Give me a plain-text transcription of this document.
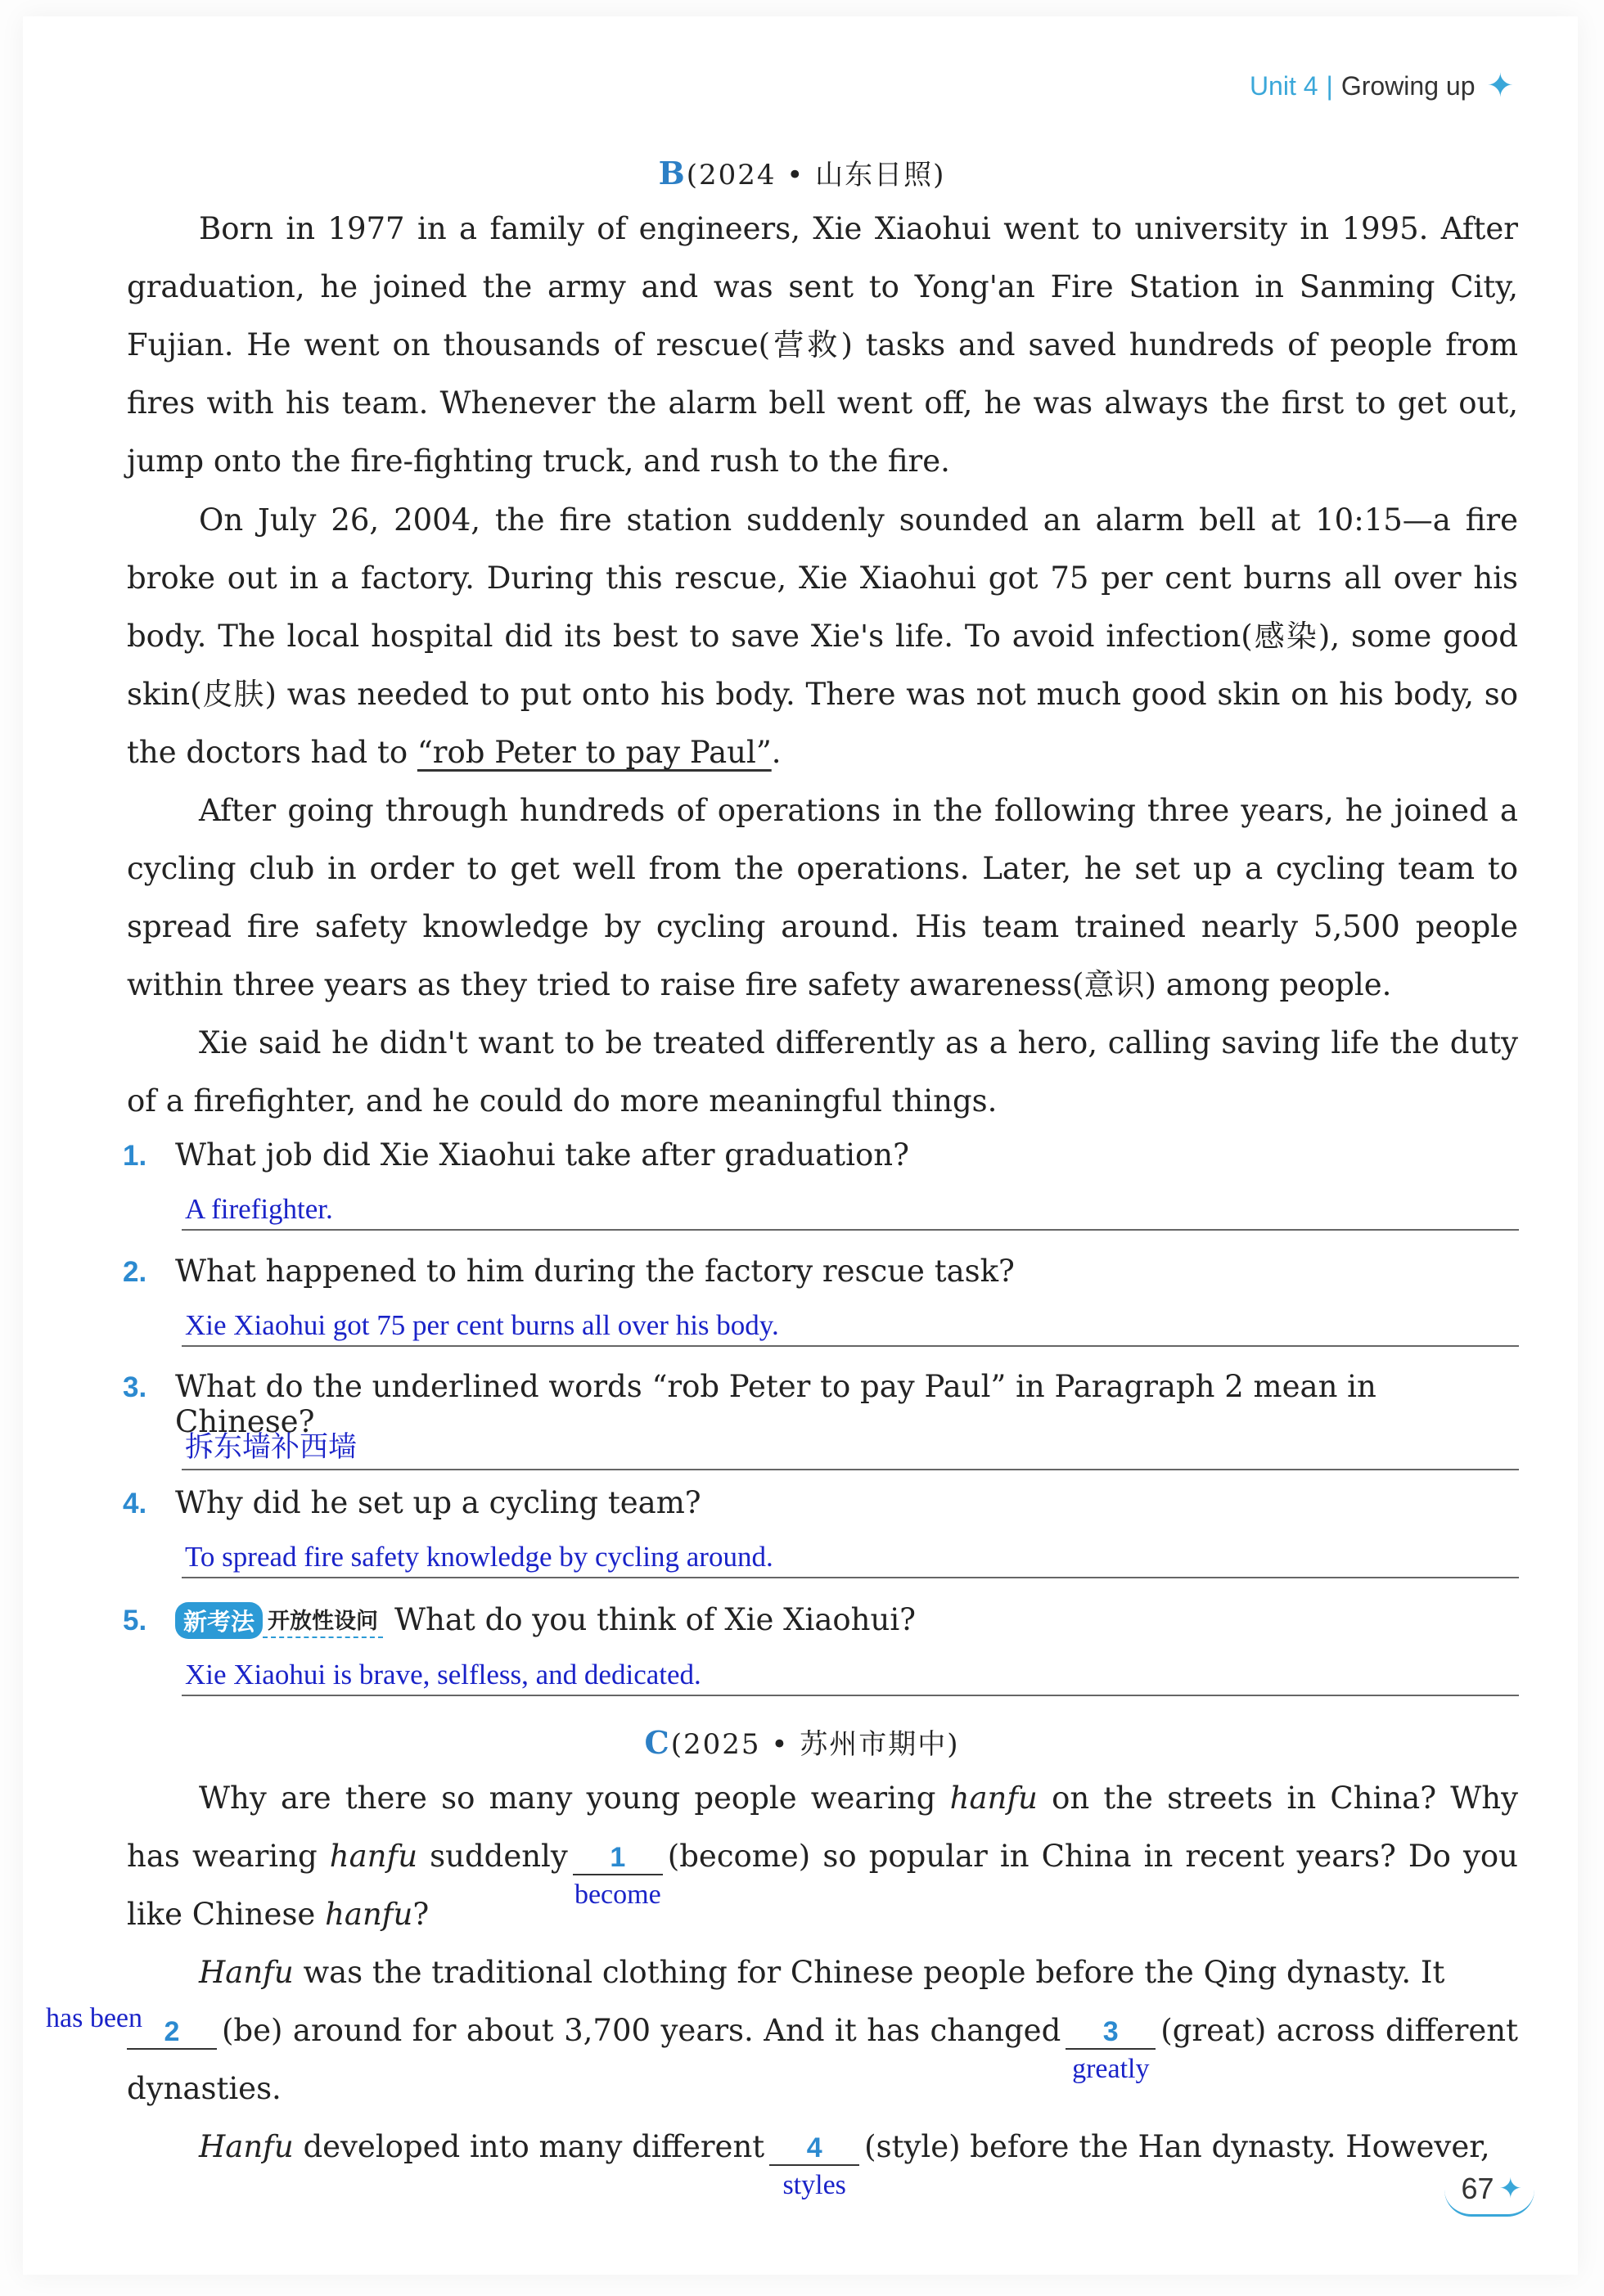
Unit 4 | Growing up ✦
B(2024 • 山东日照)
Born in 1977 in a family of engineers, Xie Xiaohui went to university in 1995. After graduation, he joined the army and was sent to Yong'an Fire Station in Sanming City, Fujian. He went on thousands of rescue(营救) tasks and saved hundreds of people from fires with his team. Whenever the alarm bell went off, he was always the first to get out, jump onto the fire-fighting truck, and rush to the fire.
On July 26, 2004, the fire station suddenly sounded an alarm bell at 10:15—a fire broke out in a factory. During this rescue, Xie Xiaohui got 75 per cent burns all over his body. The local hospital did its best to save Xie's life. To avoid infection(感染), some good skin(皮肤) was needed to put onto his body. There was not much good skin on his body, so the doctors had to “rob Peter to pay Paul”.
After going through hundreds of operations in the following three years, he joined a cycling club in order to get well from the operations. Later, he set up a cycling team to spread fire safety knowledge by cycling around. His team trained nearly 5,500 people within three years as they tried to raise fire safety awareness(意识) among people.
Xie said he didn't want to be treated differently as a hero, calling saving life the duty of a firefighter, and he could do more meaningful things.
1. What job did Xie Xiaohui take after graduation?
A firefighter.
2. What happened to him during the factory rescue task?
Xie Xiaohui got 75 per cent burns all over his body.
3. What do the underlined words “rob Peter to pay Paul” in Paragraph 2 mean in Chinese?
拆东墙补西墙
4. Why did he set up a cycling team?
To spread fire safety knowledge by cycling around.
5.	新考法 开放性设问 What do you think of Xie Xiaohui?
Xie Xiaohui is brave, selfless, and dedicated.
C(2025 • 苏州市期中)
Why are there so many young people wearing hanfu on the streets in China? Why has wearing hanfu suddenly 1
become
(become) so popular in China in recent years? Do you like Chinese hanfu?
Hanfu was the traditional clothing for Chinese people before the Qing dynasty. It
2 (be) around for about 3,700 years. And it has changed 3
greatly
(great) across different dynasties.
has been
Hanfu developed into many different 4
styles
(style) before the Han dynasty. However,
67 ✦
